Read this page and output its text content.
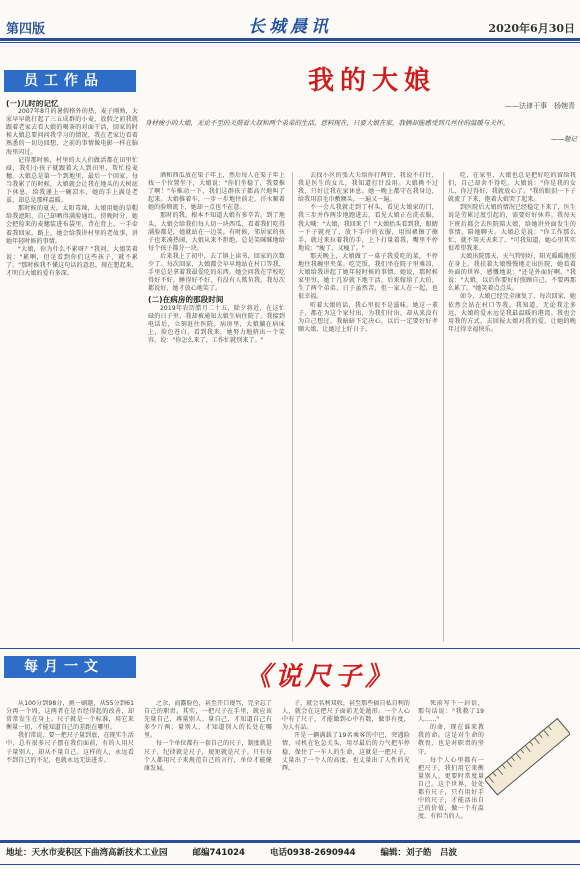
第四版	长城晨讯	2020年6月30日
员工作品	我的大娘
——法律干事　杨婉青
身材瘦小的大娘，无论不至的关照着大叔和两个弟弟的生活，意料现在，只要大娘在家，我俩却能感受到几丝往的温暖与关怀。
——题记
(一)儿时的记忆

2007年8月的暑假格外的热，麦子刚熟，大家早早就打起了三五成群的小麦，放假之前我就跟着老家去看大娘的喝茶的对面干活，回家的时候大娘总要问问我学习的情况，我在老家边看着熟悉的一切边回想，之前的事情像电影一样在脑海里闪过。

记得那时候，村里的大人们做活都在田里忙碌，我们小孩子就跟着大人到田里，帮忙捡麦穗。大娘总是第一个到地里，最后一个回家。每当我累了的时候，大娘就会让我在地头的大树底下休息，给我递上一碗凉水，她的手上满是老茧，却总是那样温暖。

那时候的夏天，太阳毒辣，大娘用她的草帽给我遮阳，自己却晒得满脸通红。傍晚时分，她会把捡来的麦穗装进布袋里，背在背上，一手牵着我回家。路上，她会给我讲村里的老故事，讲她年轻时候的事情。

"大娘，你为什么不累呀？"我问。大娘笑着说："累啊，但是看到你们这些孩子，就不累了。"那时候我不懂这句话的意思，现在想起来，才明白大娘的爱有多深。

酒和西瓜放在渠子年上，然后每人在渠子年上找一个位置坐下，大娘说："你们坐稳了，我要推了啊！"车推动一下，我们这群孩子都高兴地叫了起来。大娘推着车，一步一步地往前走，汗水顺着她的脸颊流下，她却一点也不在意。

那时的我，根本不知道大娘有多辛苦。到了地头，大娘会给我们每人切一块西瓜，看着我们吃得满脸都是，她就站在一边笑。有时候，邻居家的孩子也来凑热闹，大娘从来不拒绝，总是笑眯眯地给每个孩子都分一块。

后来我上了初中，去了镇上读书，回家的次数少了。每次回家，大娘都会早早地站在村口等我，手里总是拿着我最爱吃的东西。她会问我在学校吃得好不好，睡得好不好，有没有人欺负我。我每次都说好，她才放心地笑了。

(二)在病房的那段时间

2019年农历腊月二十五，除夕将近，在这忙碌的日子里，我却被通知大娘生病住院了。我接到电话后，立刻赶往医院。病房里，大娘躺在病床上，脸色苍白，看到我来，她努力地挤出一个笑容，说："你怎么来了，工作忙就别来了。"

去找小区的张大夫给你打两针，我说不打针，我是医生的女儿，我知道打针没用。大娘拗不过我，只好让我在家休息。她一晚上都守在我身边，给我用凉毛巾敷额头，一遍又一遍。

不一会儿我就走到了村头，看见大娘家的门，我三步并作两步地跑进去，看见大娘正在洗衣服，我大喊："大娘，我回来了！"大娘抬头看到我，眼睛一下子就亮了，放下手中的衣服，用围裙擦了擦手，就过来拉着我的手，上下打量着我，嘴里不停地说："瘦了，又瘦了。"

那天晚上，大娘做了一桌子我爱吃的菜，不停地往我碗里夹菜。吃完饭，我们坐在院子里乘凉，大娘给我讲起了她年轻时候的事情。她说，那时候家里穷，她十几岁就下地干活，后来嫁给了大伯，生了两个弟弟，日子虽然苦，但一家人在一起，也很幸福。

听着大娘的话，我心里很不是滋味。她这一辈子，都在为这个家付出，为我们付出，却从来没有为自己想过。我暗暗下定决心，以后一定要好好孝顺大娘，让她过上好日子。

吃，在家里，大娘也总是把好吃的留给我们，自己却舍不得吃。大娘说："你是我的女儿，你过得好，我就放心了。"我的眼泪一下子就流了下来，抱着大娘哭了起来。

到医院后大娘的情况已经稳定下来了，医生说是劳累过度引起的，需要好好休养。我每天下班后都会去医院陪大娘，给她讲外面发生的事情，陪她聊天。大娘总是说："你工作那么忙，就不用天天来了。"可我知道，她心里其实很希望我来。

大娘出院那天，天气特别好，阳光暖暖地照在身上。我扶着大娘慢慢地走出医院，她看着外面的世界，感慨地说："还是外面好啊。"我说："大娘，以后你要好好照顾自己，不要再那么累了。"她笑着点点头。

如今，大娘已经完全康复了，每次回家，她依然会站在村口等我。我知道，无论我走多远，大娘的爱永远是我最温暖的港湾。我也会用我的方式，去回报大娘对我的爱，让她的晚年过得幸福快乐。

每月一文	《说尺子》

从100分到98分，挑一刷题，从55分到61分再一个周，这两者在是否经得起的改善，却常常发生在身上。尺子就是一个标准，用它来衡量一切，才能知道自己的差距在哪里。

我们常说，要一把尺子量到底，在现实生活中，总有很多尺子摆在我们面前，有的人用尺子量别人，却从不量自己。这样的人，永远看不到自己的不足，也就永远无法进步。

之余，而露脸色，甚至开口谩骂，完全忘了自己的职责。其实，一把尺子在手里，就应该先量自己，再量别人。量自己，才知道自己有多少斤两；量别人，才知道别人的长处在哪里。

每一个单位都有一套自己的尺子，制度就是尺子，纪律就是尺子，规矩就是尺子。只有每个人都用尺子来规范自己的言行，单位才能健康发展。

子，就会名利双收，甚至那些搞自私自利的人，就会在这把尺子面前无处遁形。一个人心中有了尺子，才能做到心中有数，做事有度，为人有品。

开是一辆满载了19名乘客的中巴，突遇险情，司机在危急关头，用尽最后的力气把车停稳，保住了一车人的生命，这就是一把尺子，丈量出了一个人的高度，也丈量出了人性的光辉。

死前写下一封信，那句话说："我教了19人……"

的命，现在谁来教我的命。这是对生命的敬畏，也是对职责的坚守。

每个人心里都有一把尺子，我们用它来衡量别人，更要时常度量自己。这个世界，处处都有尺子，只有用好手中的尺子，才能活出自己的价值，做一个有温度、有担当的人。

地址：天水市麦积区下曲湾高新技术工业园	邮编741024	电话0938-2690944	编辑：刘子皓　吕波
